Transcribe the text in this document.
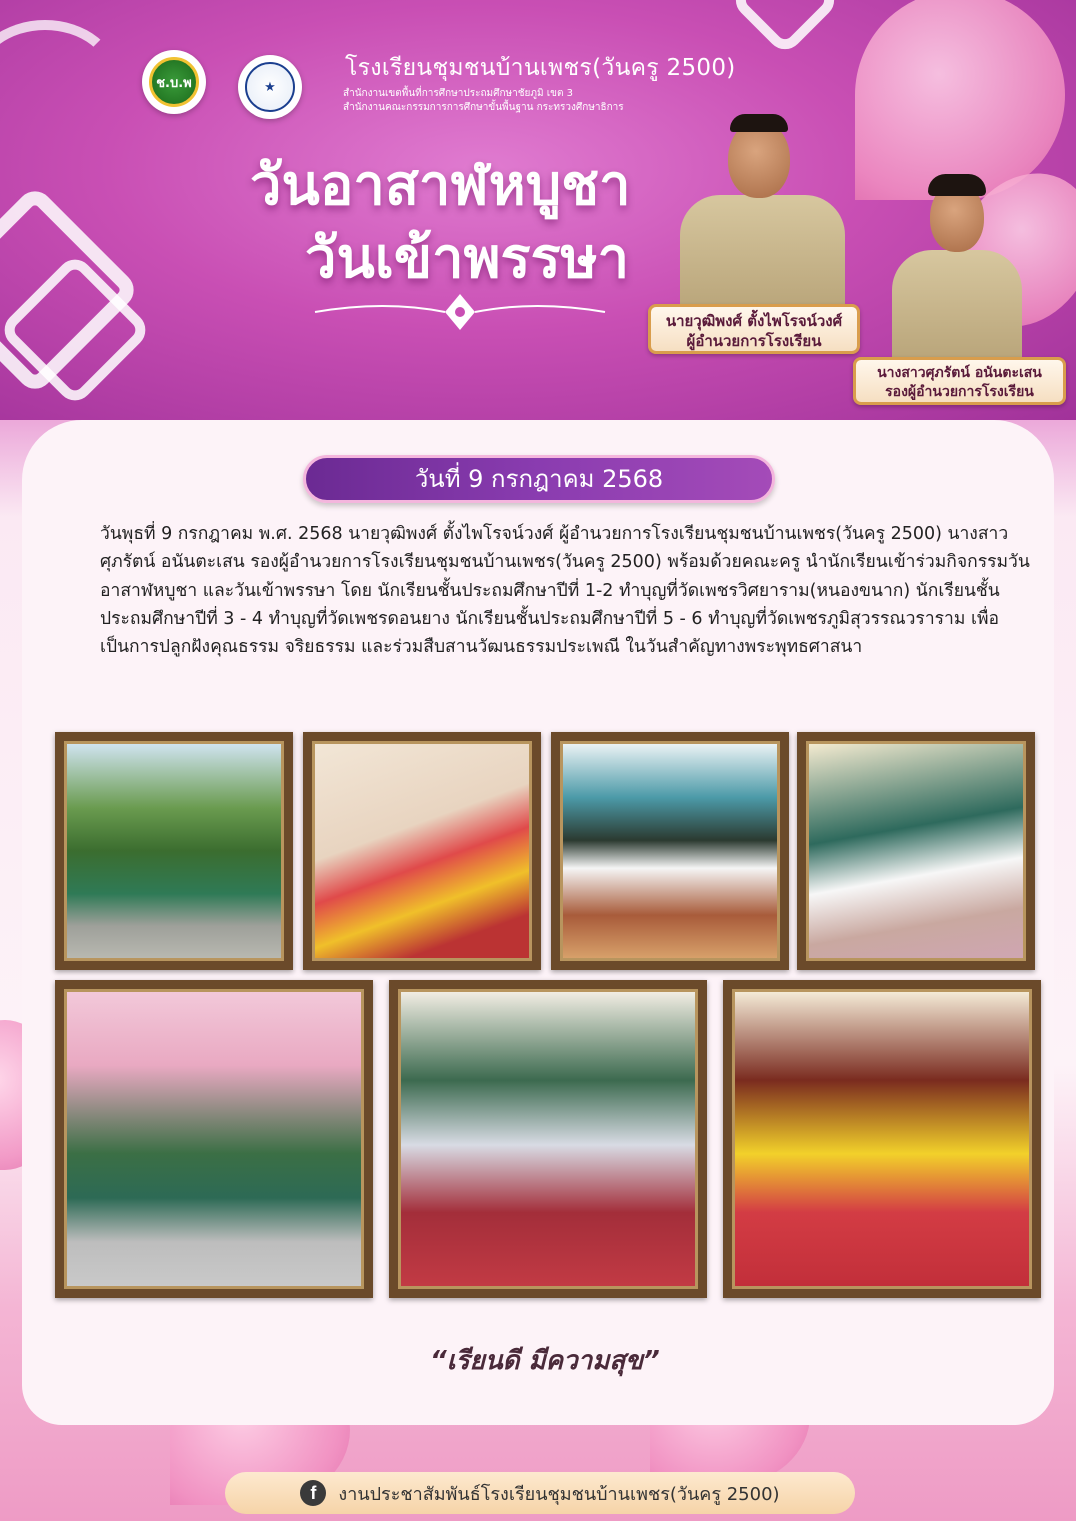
ช.บ.พ	★
โรงเรียนชุมชนบ้านเพชร(วันครู 2500)
สำนักงานเขตพื้นที่การศึกษาประถมศึกษาชัยภูมิ เขต 3
สำนักงานคณะกรรมการการศึกษาขั้นพื้นฐาน กระทรวงศึกษาธิการ
วันอาสาฬหบูชา
วันเข้าพรรษา
นายวุฒิพงศ์ ตั้งไพโรจน์วงศ์
ผู้อำนวยการโรงเรียน
นางสาวศุภรัตน์ อนันตะเสน
รองผู้อำนวยการโรงเรียน
วันที่ 9 กรกฎาคม 2568

วันพุธที่ 9 กรกฎาคม พ.ศ. 2568 นายวุฒิพงศ์ ตั้งไพโรจน์วงศ์ ผู้อำนวยการโรงเรียนชุมชนบ้านเพชร(วันครู 2500) นางสาวศุภรัตน์ อนันตะเสน รองผู้อำนวยการโรงเรียนชุมชนบ้านเพชร(วันครู 2500) พร้อมด้วยคณะครู นำนักเรียนเข้าร่วมกิจกรรมวันอาสาฬหบูชา และวันเข้าพรรษา โดย นักเรียนชั้นประถมศึกษาปีที่ 1-2 ทำบุญที่วัดเพชรวิศยาราม(หนองขนาก) นักเรียนชั้นประถมศึกษาปีที่ 3 - 4 ทำบุญที่วัดเพชรดอนยาง นักเรียนชั้นประถมศึกษาปีที่ 5 - 6 ทำบุญที่วัดเพชรภูมิสุวรรณวราราม เพื่อเป็นการปลูกฝังคุณธรรม จริยธรรม และร่วมสืบสานวัฒนธรรมประเพณี ในวันสำคัญทางพระพุทธศาสนา

“เรียนดี มีความสุข”
f	งานประชาสัมพันธ์โรงเรียนชุมชนบ้านเพชร(วันครู 2500)
